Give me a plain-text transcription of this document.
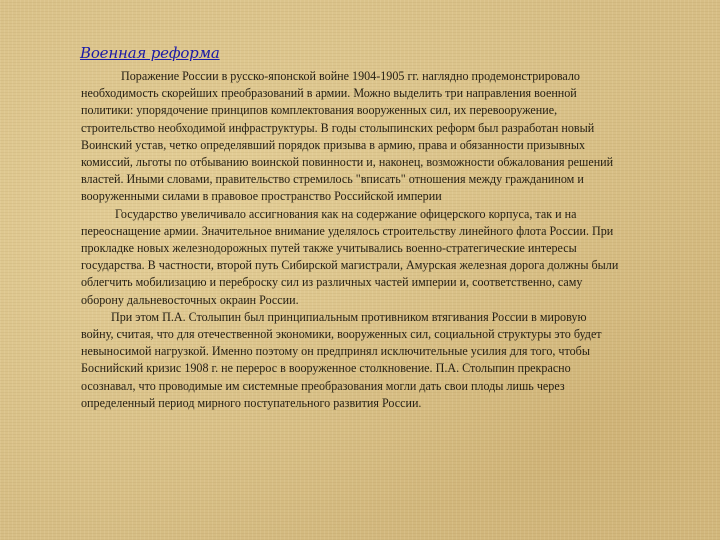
Военная реформа

Поражение России в русско-японской войне 1904-1905 гг. наглядно продемонстрировало необходимость скорейших преобразований в армии. Можно выделить три направления военной политики: упорядочение принципов комплектования вооруженных сил, их перевооружение, строительство необходимой инфраструктуры. В годы столыпинских реформ был разработан новый Воинский устав, четко определявший порядок призыва в армию, права и обязанности призывных комиссий, льготы по отбыванию воинской повинности и, наконец, возможности обжалования решений властей. Иными словами, правительство стремилось "вписать" отношения между гражданином и вооруженными силами в правовое пространство Российской империи

Государство увеличивало ассигнования как на содержание офицерского корпуса, так и на переоснащение армии. Значительное внимание уделялось строительству линейного флота России. При прокладке новых железнодорожных путей также учитывались военно-стратегические интересы государства. В частности, второй путь Сибирской магистрали, Амурская железная дорога должны были облегчить мобилизацию и переброску сил из различных частей империи и, соответственно, саму оборону дальневосточных окраин России.

При этом П.А. Столыпин был принципиальным противником втягивания России в мировую войну, считая, что для отечественной экономики, вооруженных сил, социальной структуры это будет невыносимой нагрузкой. Именно поэтому он предпринял исключительные усилия для того, чтобы Боснийский кризис 1908 г. не перерос в вооруженное столкновение. П.А. Столыпин прекрасно осознавал, что проводимые им системные преобразования могли дать свои плоды лишь через определенный период мирного поступательного развития России.
